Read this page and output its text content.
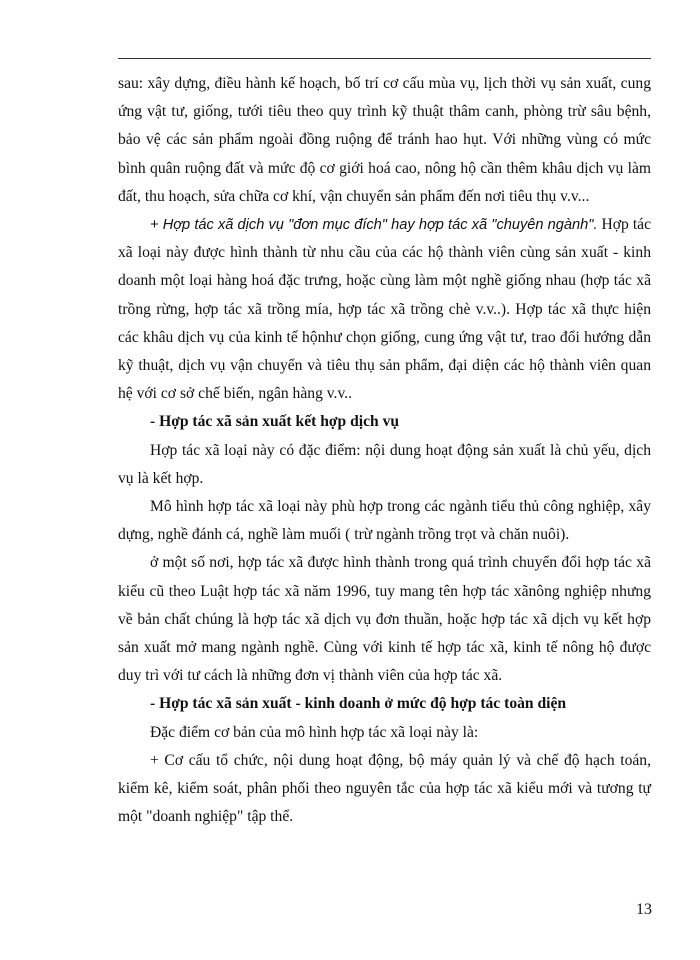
sau: xây dựng, điều hành kế hoạch, bố trí cơ cấu mùa vụ, lịch thời vụ sản xuất, cung ứng vật tư, giống, tưới tiêu theo quy trình kỹ thuật thâm canh, phòng trừ sâu bệnh, bảo vệ các sản phẩm ngoài đồng ruộng để tránh hao hụt. Với những vùng có mức bình quân ruộng đất và mức độ cơ giới hoá cao, nông hộ cần thêm khâu dịch vụ làm đất, thu hoạch, sửa chữa cơ khí, vận chuyển sản phẩm đến nơi tiêu thụ v.v...

+ Hợp tác xã dịch vụ "đơn mục đích" hay hợp tác xã "chuyên ngành". Hợp tác xã loại này được hình thành từ nhu cầu của các hộ thành viên cùng sản xuất - kinh doanh một loại hàng hoá đặc trưng, hoặc cùng làm một nghề giống nhau (hợp tác xã trồng rừng, hợp tác xã trồng mía, hợp tác xã trồng chè v.v..). Hợp tác xã thực hiện các khâu dịch vụ của kinh tế hộnhư chọn giống, cung ứng vật tư, trao đổi hướng dẫn kỹ thuật, dịch vụ vận chuyển và tiêu thụ sản phẩm, đại diện các hộ thành viên quan hệ với cơ sở chế biến, ngân hàng v.v..

- Hợp tác xã sản xuất kết hợp dịch vụ

Hợp tác xã loại này có đặc điểm: nội dung hoạt động sản xuất là chủ yếu, dịch vụ là kết hợp.

Mô hình hợp tác xã loại này phù hợp trong các ngành tiểu thủ công nghiệp, xây dựng, nghề đánh cá, nghề làm muối ( trừ ngành trồng trọt và chăn nuôi).

ở một số nơi, hợp tác xã được hình thành trong quá trình chuyển đổi hợp tác xã kiểu cũ theo Luật hợp tác xã năm 1996, tuy mang tên hợp tác xãnông nghiệp nhưng về bản chất chúng là hợp tác xã dịch vụ đơn thuần, hoặc hợp tác xã dịch vụ kết hợp sản xuất mở mang ngành nghề. Cùng với kinh tế hợp tác xã, kinh tế nông hộ được duy trì với tư cách là những đơn vị thành viên của hợp tác xã.

- Hợp tác xã sản xuất - kinh doanh ở mức độ hợp tác toàn diện

Đặc điểm cơ bản của mô hình hợp tác xã loại này là:

+ Cơ cấu tổ chức, nội dung hoạt động, bộ máy quản lý và chế độ hạch toán, kiểm kê, kiểm soát, phân phối theo nguyên tắc của hợp tác xã kiểu mới và tương tự một "doanh nghiệp" tập thể.

13
